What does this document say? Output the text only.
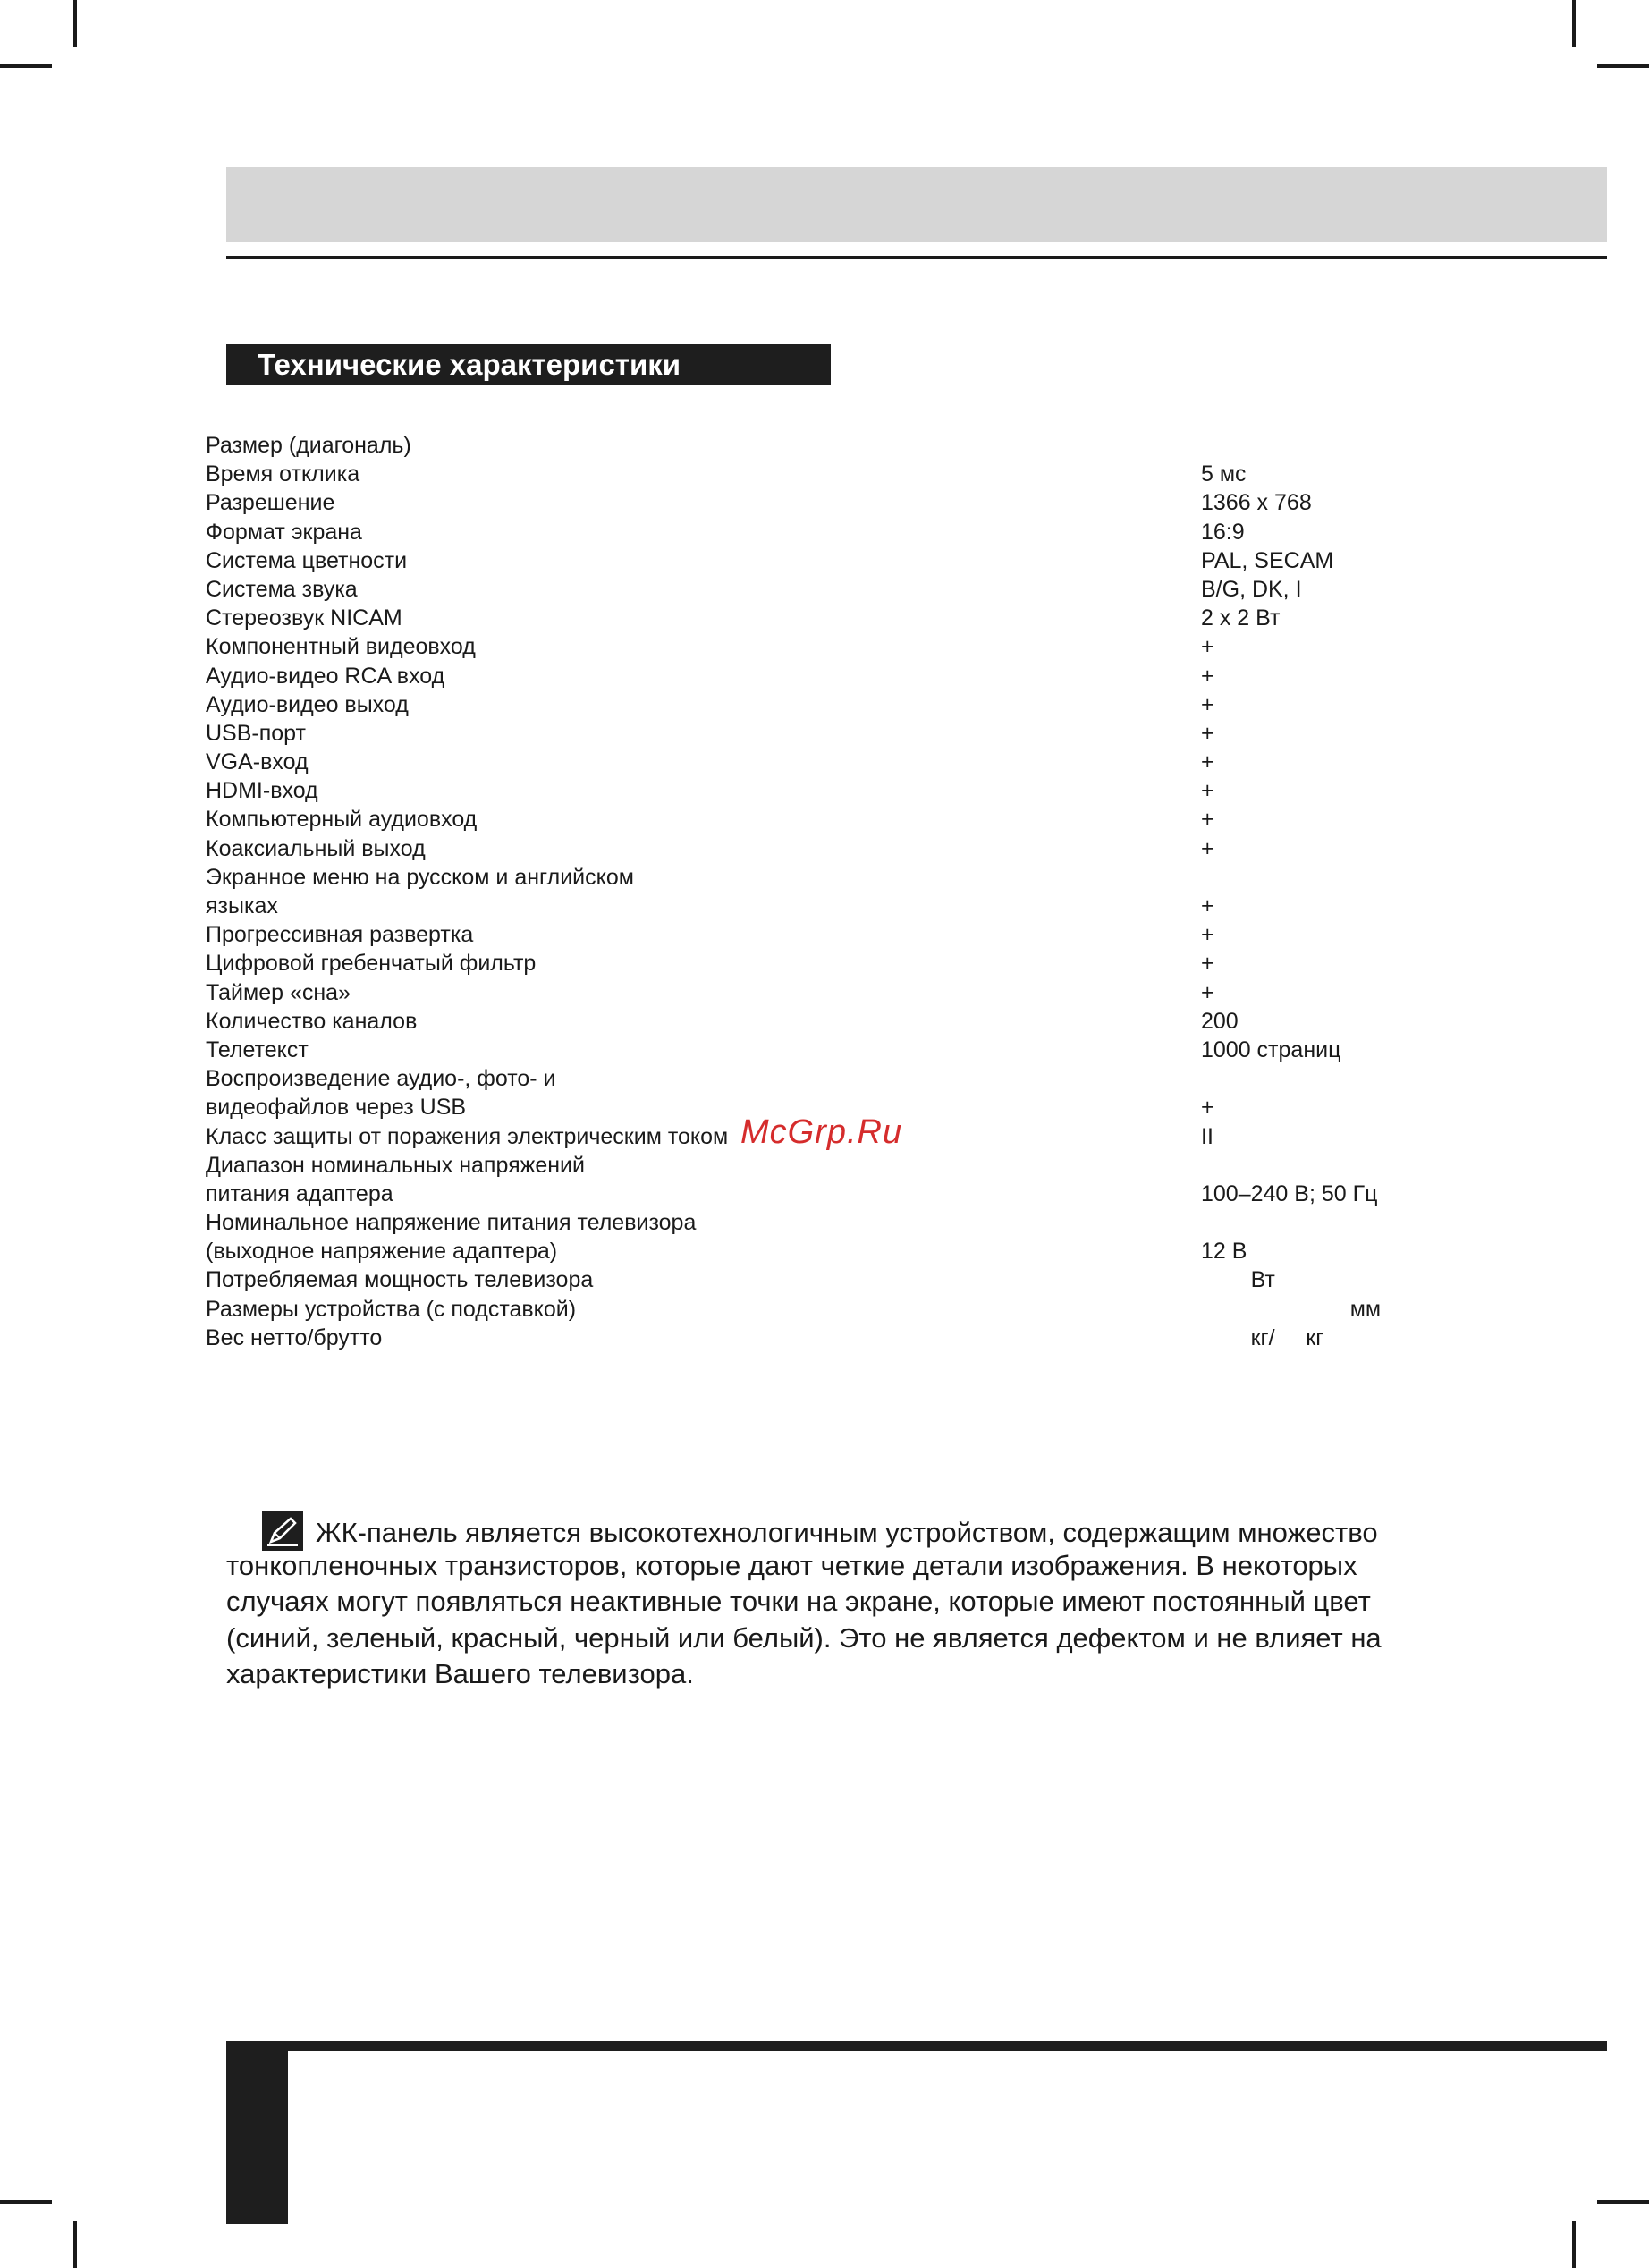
Технические характеристики
Размер (диагональ)
Время отклика	5 мс
Разрешение	1366 x 768
Формат экрана	16:9
Система цветности	PAL, SECAM
Система звука	B/G, DK, I
Стереозвук NICAM	2 x 2 Вт
Компонентный видеовход	+
Аудио-видео RCA вход	+
Аудио-видео выход	+
USB-порт	+
VGA-вход	+
HDMI-вход	+
Компьютерный аудиовход	+
Коаксиальный выход	+
Экранное меню на русском и английском
языках	+
Прогрессивная развертка	+
Цифровой гребенчатый фильтр	+
Таймер «сна»	+
Количество каналов	200
Телетекст	1000 страниц
Воспроизведение аудио-, фото- и
видеофайлов через USB	+
Класс защиты от поражения электрическим током	II
Диапазон номинальных напряжений
питания адаптера	100–240 В; 50 Гц
Номинальное напряжение питания телевизора
(выходное напряжение адаптера)	12 В
Потребляемая мощность телевизора	Вт
Размеры устройства (с подставкой)	мм
Вес нетто/брутто	кг/     кг
McGrp.Ru
ЖК-панель является высокотехнологичным устройством, содержащим множество
тонкопленочных транзисторов, которые дают четкие детали изображения. В некоторых
случаях могут появляться неактивные точки на экране, которые имеют постоянный цвет
(синий, зеленый, красный, черный или белый). Это не является дефектом и не влияет на
характеристики Вашего телевизора.
